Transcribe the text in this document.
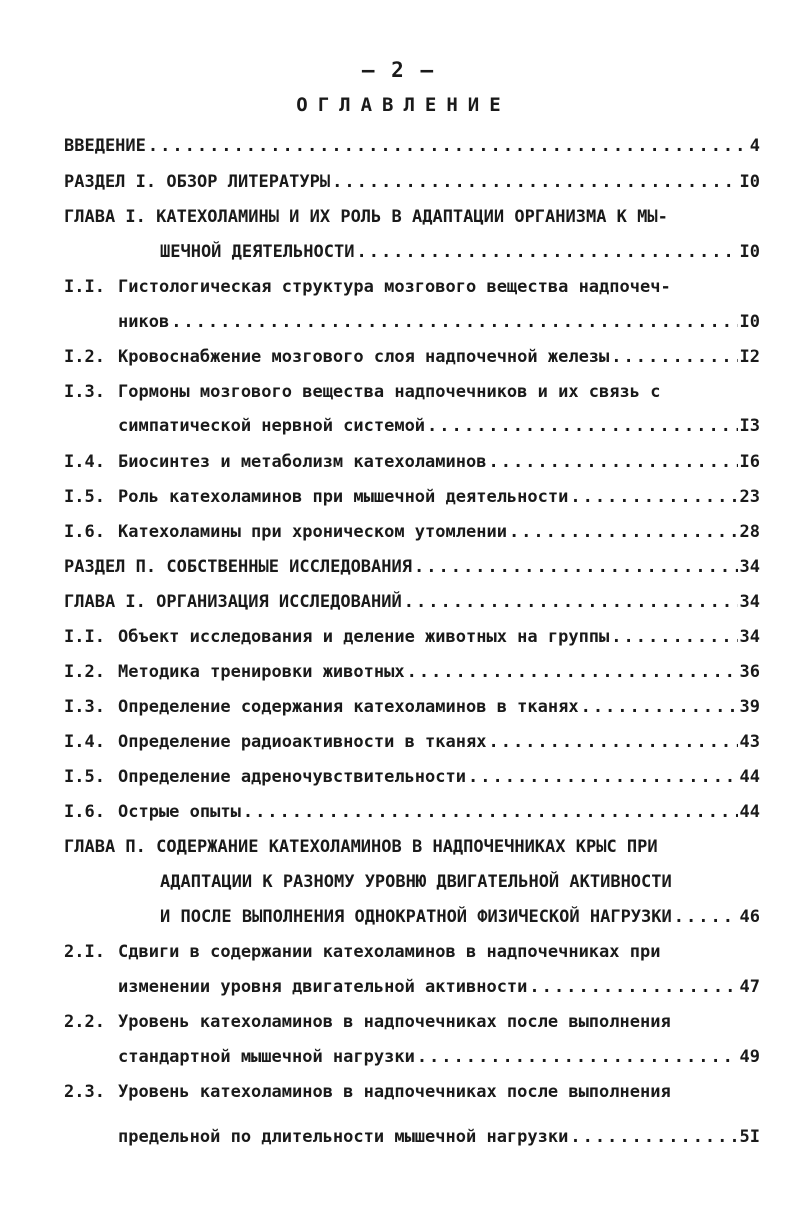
– 2 –
ОГЛАВЛЕНИЕ
ВВЕДЕНИЕ .....	4
РАЗДЕЛ I. ОБЗОР ЛИТЕРАТУРЫ .....	I0
ГЛАВА I. КАТЕХОЛАМИНЫ И ИХ РОЛЬ В АДАПТАЦИИ ОРГАНИЗМА К МЫ-
ШЕЧНОЙ ДЕЯТЕЛЬНОСТИ .....	I0
I.I. Гистологическая структура мозгового вещества надпочеч-
ников .....	I0
I.2. Кровоснабжение мозгового слоя надпочечной железы .....	I2
I.3. Гормоны мозгового вещества надпочечников и их связь с
симпатической нервной системой .....	I3
I.4. Биосинтез и метаболизм катехоламинов .....	I6
I.5. Роль катехоламинов при мышечной деятельности .....	23
I.6. Катехоламины при хроническом утомлении .....	28
РАЗДЕЛ П. СОБСТВЕННЫЕ ИССЛЕДОВАНИЯ .....	34
ГЛАВА I. ОРГАНИЗАЦИЯ ИССЛЕДОВАНИЙ .....	34
I.I. Объект исследования и деление животных на группы .....	34
I.2. Методика тренировки животных .....	36
I.3. Определение содержания катехоламинов в тканях .....	39
I.4. Определение радиоактивности в тканях .....	43
I.5. Определение адреночувствительности .....	44
I.6. Острые опыты .....	44
ГЛАВА П. СОДЕРЖАНИЕ КАТЕХОЛАМИНОВ В НАДПОЧЕЧНИКАХ КРЫС ПРИ
АДАПТАЦИИ К РАЗНОМУ УРОВНЮ ДВИГАТЕЛЬНОЙ АКТИВНОСТИ
И ПОСЛЕ ВЫПОЛНЕНИЯ ОДНОКРАТНОЙ ФИЗИЧЕСКОЙ НАГРУЗКИ .....	46
2.I. Сдвиги в содержании катехоламинов в надпочечниках при
изменении уровня двигательной активности .....	47
2.2. Уровень катехоламинов в надпочечниках после выполнения
стандартной мышечной нагрузки .....	49
2.3. Уровень катехоламинов в надпочечниках после выполнения
предельной по длительности мышечной нагрузки .....	5I
